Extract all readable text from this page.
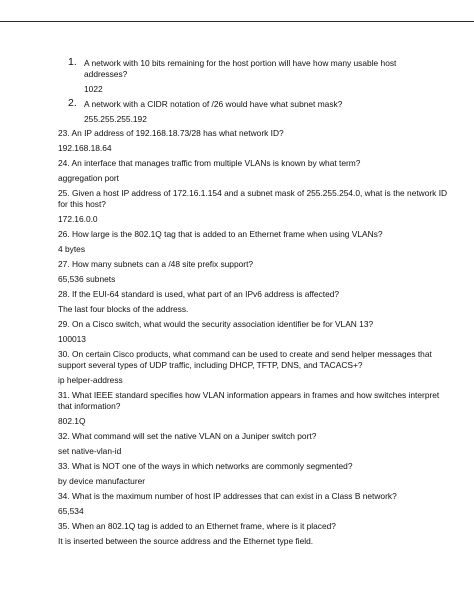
1. A network with 10 bits remaining for the host portion will have how many usable host
addresses?
1022
2. A network with a CIDR notation of /26 would have what subnet mask?
255.255.255.192
23. An IP address of 192.168.18.73/28 has what network ID?
192.168.18.64
24. An interface that manages traffic from multiple VLANs is known by what term?
aggregation port
25. Given a host IP address of 172.16.1.154 and a subnet mask of 255.255.254.0, what is the network ID
for this host?
172.16.0.0
26. How large is the 802.1Q tag that is added to an Ethernet frame when using VLANs?
4 bytes
27. How many subnets can a /48 site prefix support?
65,536 subnets
28. If the EUI-64 standard is used, what part of an IPv6 address is affected?
The last four blocks of the address.
29. On a Cisco switch, what would the security association identifier be for VLAN 13?
100013
30. On certain Cisco products, what command can be used to create and send helper messages that
support several types of UDP traffic, including DHCP, TFTP, DNS, and TACACS+?
ip helper-address
31. What IEEE standard specifies how VLAN information appears in frames and how switches interpret
that information?
802.1Q
32. What command will set the native VLAN on a Juniper switch port?
set native-vlan-id
33. What is NOT one of the ways in which networks are commonly segmented?
by device manufacturer
34. What is the maximum number of host IP addresses that can exist in a Class B network?
65,534
35. When an 802.1Q tag is added to an Ethernet frame, where is it placed?
It is inserted between the source address and the Ethernet type field.
